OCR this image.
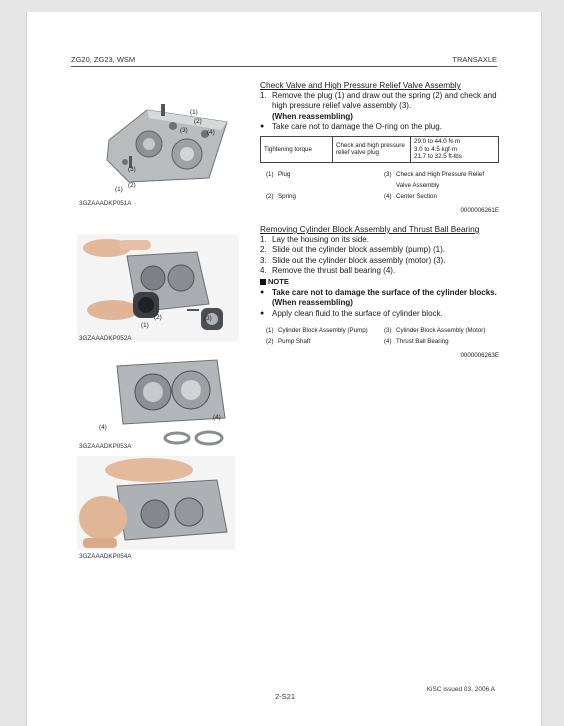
ZG20, ZG23, WSM	TRANSAXLE
(1)
(2)
(3)	(4)
(3)
(1)
(2)
3GZAAADKP051A
(2)	(3)
(1)
3GZAAADKP052A
(4)
(4)
3GZAAADKP053A
3GZAAADKP054A
Check Valve and High Pressure Relief Valve Assembly
1. Remove the plug (1) and draw out the spring (2) and check and high pressure relief valve assembly (3).
(When reassembling)
● Take care not to damage the O-ring on the plug.
Tightening torque	Check and high pressure relief valve plug	
29.0 to 44.0 N·m
3.0 to 4.5 kgf·m
21.7 to 32.5 ft-lbs
(1) Plug	(3) Check and High Pressure Relief Valve Assembly
(2) Spring	(4) Center Section
0000006261E
Removing Cylinder Block Assembly and Thrust Ball Bearing
1. Lay the housing on its side.
2. Slide out the cylinder block assembly (pump) (1).
3. Slide out the cylinder block assembly (motor) (3).
4. Remove the thrust ball bearing (4).
NOTE
● Take care not to damage the surface of the cylinder blocks.
(When reassembling)
● Apply clean fluid to the surface of cylinder block.
(1) Cylinder Block Assembly (Pump)	(3) Cylinder Block Assembly (Motor)
(2) Pump Shaft	(4) Thrust Ball Bearing
0000006263E
KiSC issued 03, 2006 A
2-S21
